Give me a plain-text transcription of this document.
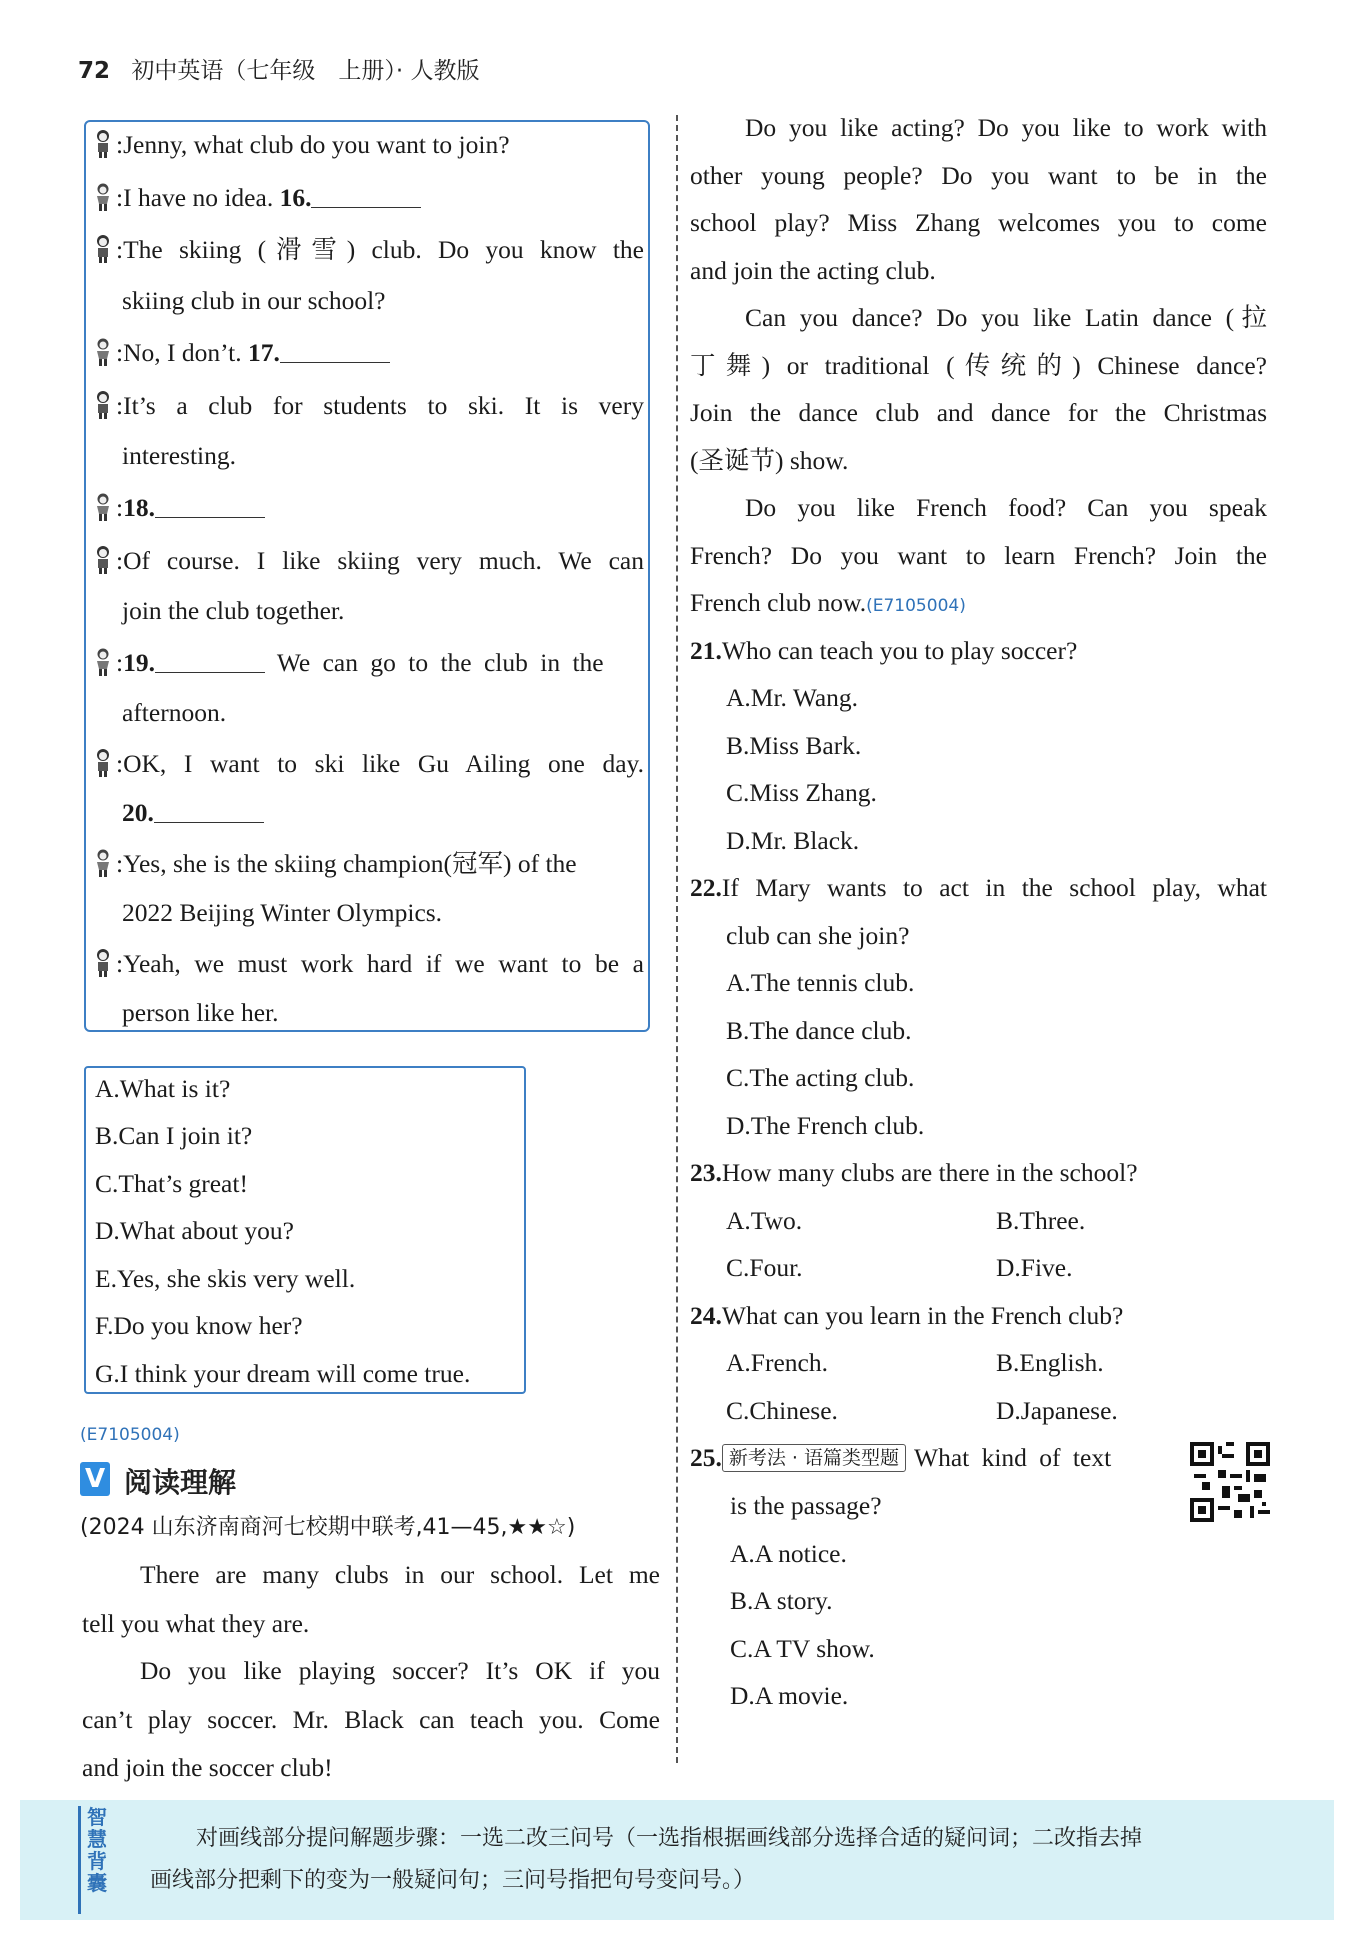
72 初中英语（七年级　上册）· 人教版
:Jenny, what club do you want to join?
:I have no idea. 16.
:The skiing (滑雪) club. Do you know the
skiing club in our school?
:No, I don’t. 17.
:It’s a club for students to ski. It is very
interesting.
:18.
:Of course. I like skiing very much. We can
join the club together.
:19.	We can go to the club in the
afternoon.
:OK, I want to ski like Gu Ailing one day.
20.
:Yes, she is the skiing champion(冠军) of the
2022 Beijing Winter Olympics.
:Yeah, we must work hard if we want to be a
person like her.
A.What is it?
B.Can I join it?
C.That’s great!
D.What about you?
E.Yes, she skis very well.
F.Do you know her?
G.I think your dream will come true.
(E7105004)
V 阅读理解
(2024 山东济南商河七校期中联考,41—45,★★☆)
There are many clubs in our school. Let me
tell you what they are.
Do you like playing soccer? It’s OK if you
can’t play soccer. Mr. Black can teach you. Come
and join the soccer club!
Do you like acting? Do you like to work with
other young people? Do you want to be in the
school play? Miss Zhang welcomes you to come
and join the acting club.
Can you dance? Do you like Latin dance (拉
丁舞) or traditional (传统的) Chinese dance?
Join the dance club and dance for the Christmas
(圣诞节) show.
Do you like French food? Can you speak
French? Do you want to learn French? Join the
French club now.(E7105004)
21.Who can teach you to play soccer?
A.Mr. Wang.
B.Miss Bark.
C.Miss Zhang.
D.Mr. Black.
22.If Mary wants to act in the school play, what
club can she join?
A.The tennis club.
B.The dance club.
C.The acting club.
D.The French club.
23.How many clubs are there in the school?
A.Two.	B.Three.
C.Four.	D.Five.
24.What can you learn in the French club?
A.French.	B.English.
C.Chinese.	D.Japanese.
25. 新考法 · 语篇类型题 What kind of text
is the passage?
A.A notice.
B.A story.
C.A TV show.
D.A movie.
智慧背囊
对画线部分提问解题步骤：一选二改三问号（一选指根据画线部分选择合适的疑问词；二改指去掉
画线部分把剩下的变为一般疑问句；三问号指把句号变问号。）
